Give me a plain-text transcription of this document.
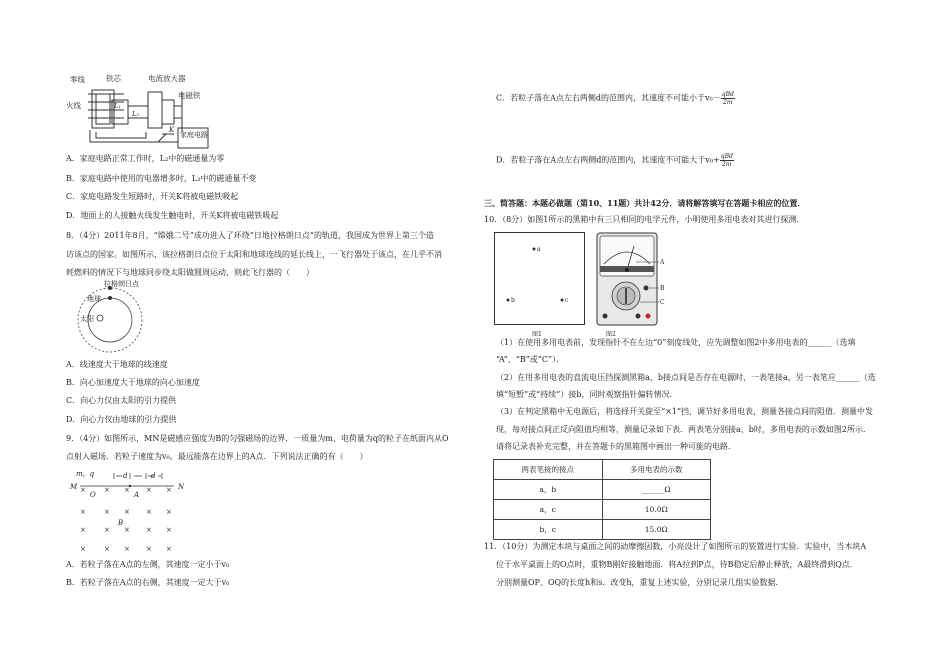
零线	铁芯	电流放大器
火线
电磁铁
家庭电路
L₁
L₂
K
A．家庭电路正常工作时，L₂中的磁通量为零
B．家庭电路中使用的电器增多时，L₂中的磁通量不变
C．家庭电路发生短路时，开关K将被电磁铁吸起
D．地面上的人接触火线发生触电时，开关K将被电磁铁吸起
8．（4分）2011年8月，“嫦娥二号”成功进入了环绕“日地拉格朗日点”的轨道，我国成为世界上第三个造
访该点的国家。如图所示，该拉格朗日点位于太阳和地球连线的延长线上，一飞行器处于该点，在几乎不消
耗燃料的情况下与地球同步绕太阳做圆周运动，则此飞行器的（　　）
拉格朗日点
地球
太阳
A．线速度大于地球的线速度
B．向心加速度大于地球的向心加速度
C．向心力仅由太阳的引力提供
D．向心力仅由地球的引力提供
9．（4分）如图所示，MN是磁感应强度为B的匀强磁场的边界．一质量为m、电荷量为q的粒子在纸面内从O
点射入磁场．若粒子速度为v₀，最远能落在边界上的A点．下列说法正确的有（　　）
m，q	d	d
M	N
O	A
B
×	× × × ×
×	× × × ×
×	× × × ×
×	× × × ×
A．若粒子落在A点的左侧，其速度一定小于v₀
B．若粒子落在A点的右侧，其速度一定大于v₀
C．若粒子落在A点左右两侧d的范围内，其速度不可能小于$v_0- \frac{\text{qBd}}{2m}$
D．若粒子落在A点左右两侧d的范围内，其速度不可能大于$v_0+ \frac{\text{qBd}}{2m}$
三、简答题：本题必做题（第10、11题）共计42分．请将解答填写在答题卡相应的位置．
10．（8分）如图1所示的黑箱中有三只相同的电学元件，小明使用多用电表对其进行探测．
a
b	c
图1
A
B
C
图2
（1）在使用多用电表前，发现指针不在左边“0”刻度线处，应先调整如图2中多用电表的______（选填
“A”、“B”或“C”）．
（2）在用多用电表的直流电压挡探测黑箱a、b接点间是否存在电源时，一表笔接a，另一表笔应______（选
填“短暂”或“持续”）接b，同时观察指针偏转情况．
（3）在判定黑箱中无电源后，将选择开关旋至“×1”挡，调节好多用电表，测量各接点间的阻值．测量中发
现，每对接点间正反向阻值均相等，测量记录如下表．两表笔分别接a、b时，多用电表的示数如图2所示．
请将记录表补充完整，并在答题卡的黑箱图中画出一种可能的电路．
两表笔接的接点	多用电表的示数
a，b	______Ω
a，c	10.0Ω
b，c	15.0Ω
11．（10分）为测定木块与桌面之间的动摩擦因数，小亮设计了如图所示的装置进行实验．实验中，当木块A
位于水平桌面上的O点时，重物B刚好接触地面．将A拉到P点，待B稳定后静止释放，A最终滑到Q点．
分别测量OP、OQ的长度h和s．改变h，重复上述实验，分别记录几组实验数据．
